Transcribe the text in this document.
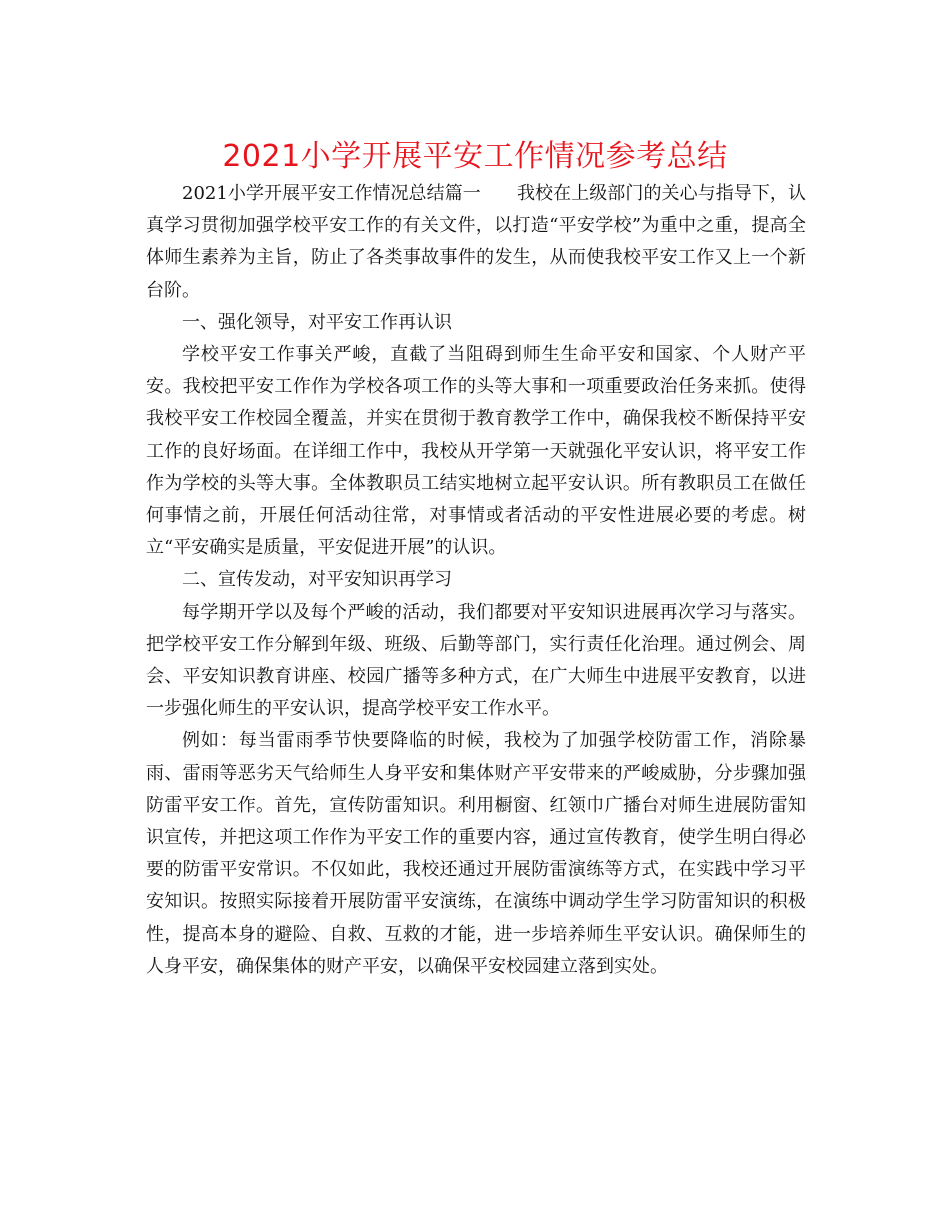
2021小学开展平安工作情况参考总结

2021小学开展平安工作情况总结篇一　　我校在上级部门的关心与指导下，认真学习贯彻加强学校平安工作的有关文件，以打造“平安学校”为重中之重，提高全体师生素养为主旨，防止了各类事故事件的发生，从而使我校平安工作又上一个新台阶。

一、强化领导，对平安工作再认识

学校平安工作事关严峻，直截了当阻碍到师生生命平安和国家、个人财产平安。我校把平安工作作为学校各项工作的头等大事和一项重要政治任务来抓。使得我校平安工作校园全覆盖，并实在贯彻于教育教学工作中，确保我校不断保持平安工作的良好场面。在详细工作中，我校从开学第一天就强化平安认识，将平安工作作为学校的头等大事。全体教职员工结实地树立起平安认识。所有教职员工在做任何事情之前，开展任何活动往常，对事情或者活动的平安性进展必要的考虑。树立“平安确实是质量，平安促进开展”的认识。

二、宣传发动，对平安知识再学习

每学期开学以及每个严峻的活动，我们都要对平安知识进展再次学习与落实。把学校平安工作分解到年级、班级、后勤等部门，实行责任化治理。通过例会、周会、平安知识教育讲座、校园广播等多种方式，在广大师生中进展平安教育，以进一步强化师生的平安认识，提高学校平安工作水平。

例如：每当雷雨季节快要降临的时候，我校为了加强学校防雷工作，消除暴雨、雷雨等恶劣天气给师生人身平安和集体财产平安带来的严峻威胁，分步骤加强防雷平安工作。首先，宣传防雷知识。利用橱窗、红领巾广播台对师生进展防雷知识宣传，并把这项工作作为平安工作的重要内容，通过宣传教育，使学生明白得必要的防雷平安常识。不仅如此，我校还通过开展防雷演练等方式，在实践中学习平安知识。按照实际接着开展防雷平安演练，在演练中调动学生学习防雷知识的积极性，提高本身的避险、自救、互救的才能，进一步培养师生平安认识。确保师生的人身平安，确保集体的财产平安，以确保平安校园建立落到实处。
